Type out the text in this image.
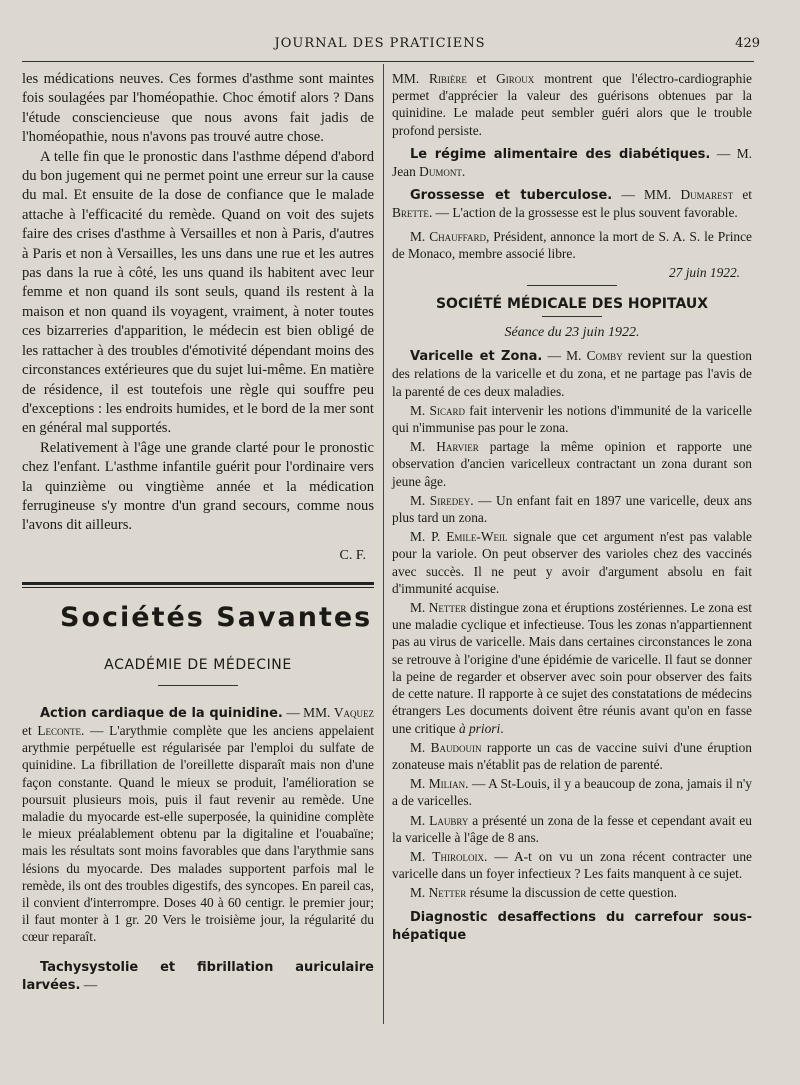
JOURNAL DES PRATICIENS	429

les médications neuves. Ces formes d'asthme sont maintes fois soulagées par l'homéopathie. Choc émotif alors ? Dans l'étude consciencieuse que nous avons fait jadis de l'homéopathie, nous n'avons pas trouvé autre chose.

A telle fin que le pronostic dans l'asthme dépend d'abord du bon jugement qui ne permet point une erreur sur la cause du mal. Et ensuite de la dose de confiance que le malade attache à l'efficacité du remède. Quand on voit des sujets faire des crises d'asthme à Versailles et non à Paris, d'autres à Paris et non à Versailles, les uns dans une rue et les autres pas dans la rue à côté, les uns quand ils habitent avec leur femme et non quand ils sont seuls, quand ils restent à la maison et non quand ils voyagent, vraiment, à noter toutes ces bizarreries d'apparition, le médecin est bien obligé de les rattacher à des troubles d'émotivité dépendant moins des circonstances extérieures que du sujet lui-même. En matière de résidence, il est toutefois une règle qui souffre peu d'exceptions : les endroits humides, et le bord de la mer sont en général mal supportés.

Relativement à l'âge une grande clarté pour le pronostic chez l'enfant. L'asthme infantile guérit pour l'ordinaire vers la quinzième ou vingtième année et la médication ferrugineuse s'y montre d'un grand secours, comme nous l'avons dit ailleurs.

C. F.
Sociétés Savantes
ACADÉMIE DE MÉDECINE

Action cardiaque de la quinidine. — MM. Vaquez et Leconte. — L'arythmie complète que les anciens appelaient arythmie perpétuelle est régularisée par l'emploi du sulfate de quinidine. La fibrillation de l'oreillette disparaît mais non d'une façon constante. Quand le mieux se produit, l'amélioration se poursuit plusieurs mois, puis il faut revenir au remède. Une maladie du myocarde est-elle superposée, la quinidine complète le mieux préalablement obtenu par la digitaline et l'ouabaïne; mais les résultats sont moins favorables que dans l'arythmie sans lésions du myocarde. Des malades supportent parfois mal le remède, ils ont des troubles digestifs, des syncopes. En pareil cas, il convient d'interrompre. Doses 40 à 60 centigr. le premier jour; il faut monter à 1 gr. 20 Vers le troisième jour, la régularité du cœur reparaît.

Tachysystolie et fibrillation auriculaire larvées. —

MM. Ribière et Giroux montrent que l'électro-cardiographie permet d'apprécier la valeur des guérisons obtenues par la quinidine. Le malade peut sembler guéri alors que le trouble profond persiste.

Le régime alimentaire des diabétiques. — M. Jean Dumont.

Grossesse et tuberculose. — MM. Dumarest et Brette. — L'action de la grossesse est le plus souvent favorable.

M. Chauffard, Président, annonce la mort de S. A. S. le Prince de Monaco, membre associé libre.

27 juin 1922.
SOCIÉTÉ MÉDICALE DES HOPITAUX
Séance du 23 juin 1922.

Varicelle et Zona. — M. Comby revient sur la question des relations de la varicelle et du zona, et ne partage pas l'avis de la parenté de ces deux maladies.

M. Sicard fait intervenir les notions d'immunité de la varicelle qui n'immunise pas pour le zona.

M. Harvier partage la même opinion et rapporte une observation d'ancien varicelleux contractant un zona durant son jeune âge.

M. Siredey. — Un enfant fait en 1897 une varicelle, deux ans plus tard un zona.

M. P. Emile-Weil signale que cet argument n'est pas valable pour la variole. On peut observer des varioles chez des vaccinés avec succès. Il ne peut y avoir d'argument absolu en fait d'immunité acquise.

M. Netter distingue zona et éruptions zostériennes. Le zona est une maladie cyclique et infectieuse. Tous les zonas n'appartiennent pas au virus de varicelle. Mais dans certaines circonstances le zona se retrouve à l'origine d'une épidémie de varicelle. Il faut se donner la peine de regarder et observer avec soin pour observer des faits de cette nature. Il rapporte à ce sujet des constatations de médecins étrangers Les documents doivent être réunis avant qu'on en fasse une critique à priori.

M. Baudouin rapporte un cas de vaccine suivi d'une éruption zonateuse mais n'établit pas de relation de parenté.

M. Milian. — A St-Louis, il y a beaucoup de zona, jamais il n'y a de varicelles.

M. Laubry a présenté un zona de la fesse et cependant avait eu la varicelle à l'âge de 8 ans.

M. Thiroloix. — A-t on vu un zona récent contracter une varicelle dans un foyer infectieux ? Les faits manquent à ce sujet.

M. Netter résume la discussion de cette question.

Diagnostic desaffections du carrefour sous-hépatique
